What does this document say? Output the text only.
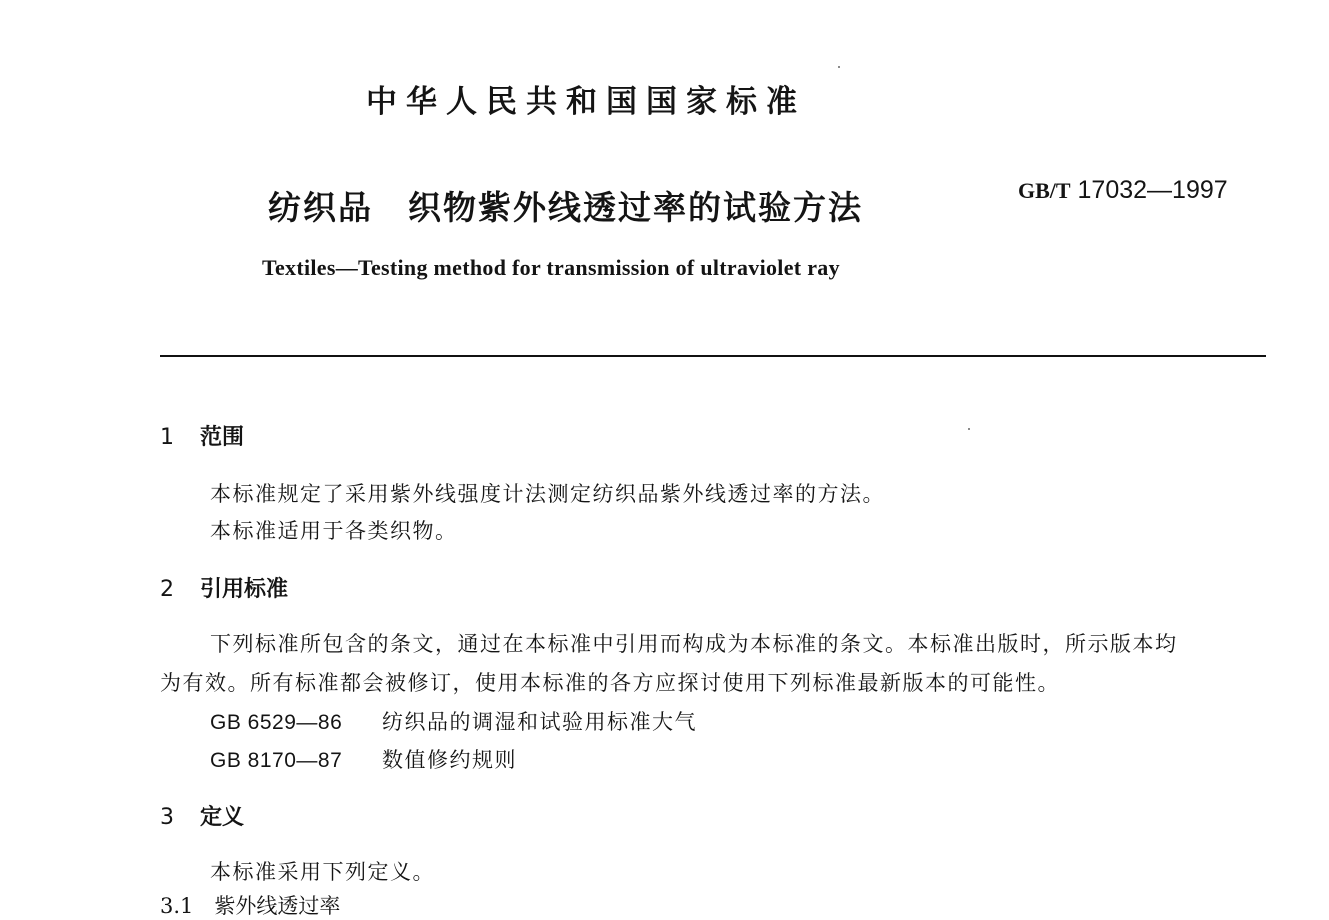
中华人民共和国国家标准
纺织品　织物紫外线透过率的试验方法	GB/T 17032—1997
Textiles—Testing method for transmission of ultraviolet ray
1 范围
本标准规定了采用紫外线强度计法测定纺织品紫外线透过率的方法。
本标准适用于各类织物。
2 引用标准
下列标准所包含的条文，通过在本标准中引用而构成为本标准的条文。本标准出版时，所示版本均
为有效。所有标准都会被修订，使用本标准的各方应探讨使用下列标准最新版本的可能性。
GB 6529—86 纺织品的调湿和试验用标准大气
GB 8170—87 数值修约规则
3 定义
本标准采用下列定义。
3.1　紫外线透过率
